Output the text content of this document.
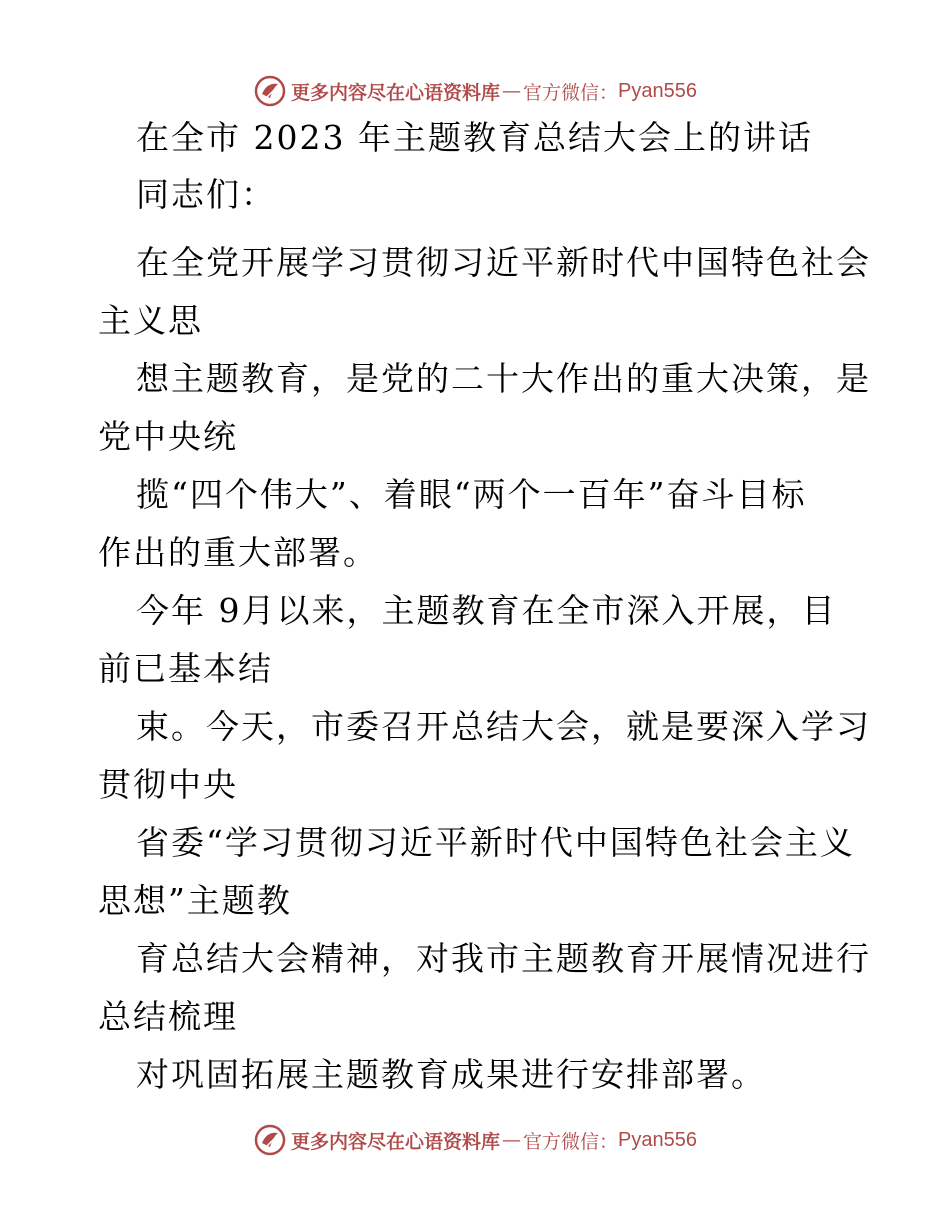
更多内容尽在心语资料库 — 官方微信： Pyan556
在全市 2023 年主题教育总结大会上的讲话
同志们：
在全党开展学习贯彻习近平新时代中国特色社会
主义思
想主题教育，是党的二十大作出的重大决策，是
党中央统
揽“四个伟大”、着眼“两个一百年”奋斗目标
作出的重大部署。
今年 9月以来，主题教育在全市深入开展，目
前已基本结
束。今天，市委召开总结大会，就是要深入学习
贯彻中央
省委“学习贯彻习近平新时代中国特色社会主义
思想”主题教
育总结大会精神，对我市主题教育开展情况进行
总结梳理
对巩固拓展主题教育成果进行安排部署。
更多内容尽在心语资料库 — 官方微信： Pyan556
